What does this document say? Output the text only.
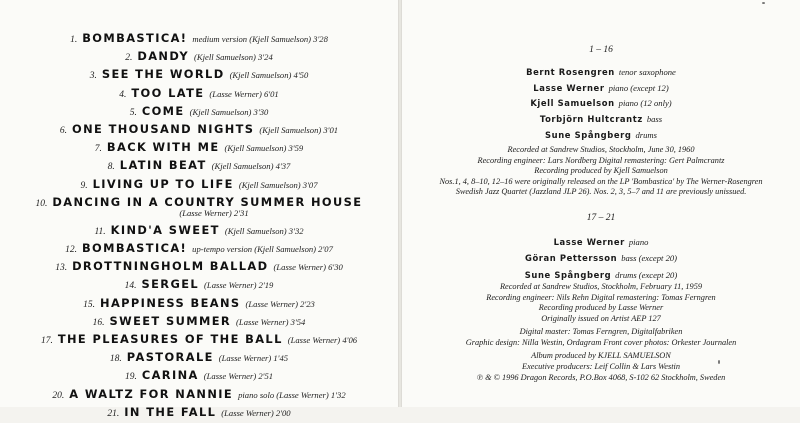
1. BOMBASTICA! medium version (Kjell Samuelson) 3'28
2. DANDY (Kjell Samuelson) 3'24
3. SEE THE WORLD (Kjell Samuelson) 4'50
4. TOO LATE (Lasse Werner) 6'01
5. COME (Kjell Samuelson) 3'30
6. ONE THOUSAND NIGHTS (Kjell Samuelson) 3'01
7. BACK WITH ME (Kjell Samuelson) 3'59
8. LATIN BEAT (Kjell Samuelson) 4'37
9. LIVING UP TO LIFE (Kjell Samuelson) 3'07
10. DANCING IN A COUNTRY SUMMER HOUSE
(Lasse Werner) 2'31
11. KIND'A SWEET (Kjell Samuelson) 3'32
12. BOMBASTICA! up-tempo version (Kjell Samuelson) 2'07
13. DROTTNINGHOLM BALLAD (Lasse Werner) 6'30
14. SERGEL (Lasse Werner) 2'19
15. HAPPINESS BEANS (Lasse Werner) 2'23
16. SWEET SUMMER (Lasse Werner) 3'54
17. THE PLEASURES OF THE BALL (Lasse Werner) 4'06
18. PASTORALE (Lasse Werner) 1'45
19. CARINA (Lasse Werner) 2'51
20. A WALTZ FOR NANNIE piano solo (Lasse Werner) 1'32
21. IN THE FALL (Lasse Werner) 2'00
1 – 16
Bernt Rosengren tenor saxophone
Lasse Werner piano (except 12)
Kjell Samuelson piano (12 only)
Torbjörn Hultcrantz bass
Sune Spångberg drums
Recorded at Sandrew Studios, Stockholm, June 30, 1960
Recording engineer: Lars Nordberg Digital remastering: Gert Palmcrantz
Recording produced by Kjell Samuelson
Nos.1, 4, 8–10, 12–16 were originally released on the LP 'Bombastica' by The Werner-Rosengren
Swedish Jazz Quartet (Jazzland JLP 26). Nos. 2, 3, 5–7 and 11 are previously unissued.
17 – 21
Lasse Werner piano
Göran Pettersson bass (except 20)
Sune Spångberg drums (except 20)
Recorded at Sandrew Studios, Stockholm, February 11, 1959
Recording engineer: Nils Rehn Digital remastering: Tomas Ferngren
Recording produced by Lasse Werner
Originally issued on Artist AEP 127
Digital master: Tomas Ferngren, Digitalfabriken
Graphic design: Nilla Westin, Ordagram Front cover photos: Orkester Journalen
Album produced by KJELL SAMUELSON
Executive producers: Leif Collin & Lars Westin
℗ & © 1996 Dragon Records, P.O.Box 4068, S-102 62 Stockholm, Sweden
